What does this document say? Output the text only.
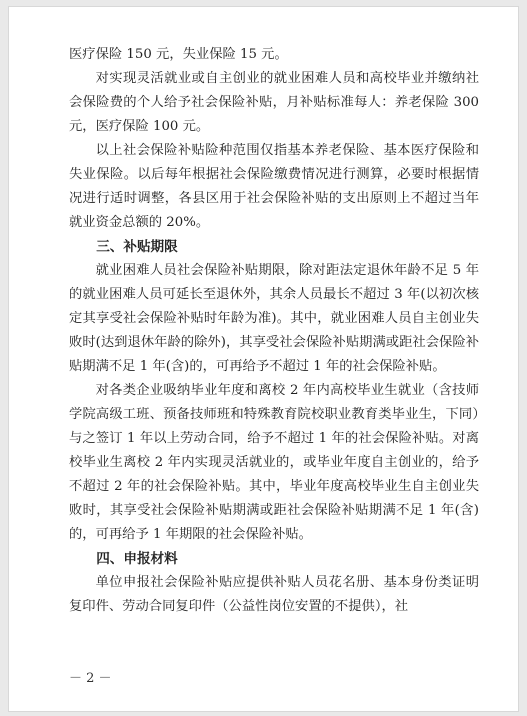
医疗保险 150 元，失业保险 15 元。

对实现灵活就业或自主创业的就业困难人员和高校毕业并缴纳社会保险费的个人给予社会保险补贴，月补贴标准每人：养老保险 300 元，医疗保险 100 元。

以上社会保险补贴险种范围仅指基本养老保险、基本医疗保险和失业保险。以后每年根据社会保险缴费情况进行测算，必要时根据情况进行适时调整，各县区用于社会保险补贴的支出原则上不超过当年就业资金总额的 20%。

三、补贴期限

就业困难人员社会保险补贴期限，除对距法定退休年龄不足 5 年的就业困难人员可延长至退休外，其余人员最长不超过 3 年(以初次核定其享受社会保险补贴时年龄为准)。其中，就业困难人员自主创业失败时(达到退休年龄的除外)，其享受社会保险补贴期满或距社会保险补贴期满不足 1 年(含)的，可再给予不超过 1 年的社会保险补贴。

对各类企业吸纳毕业年度和离校 2 年内高校毕业生就业（含技师学院高级工班、预备技师班和特殊教育院校职业教育类毕业生，下同）与之签订 1 年以上劳动合同，给予不超过 1 年的社会保险补贴。对离校毕业生离校 2 年内实现灵活就业的，或毕业年度自主创业的，给予不超过 2 年的社会保险补贴。其中，毕业年度高校毕业生自主创业失败时，其享受社会保险补贴期满或距社会保险补贴期满不足 1 年(含)的，可再给予 1 年期限的社会保险补贴。

四、申报材料

单位申报社会保险补贴应提供补贴人员花名册、基本身份类证明复印件、劳动合同复印件（公益性岗位安置的不提供），社

－ 2 －
